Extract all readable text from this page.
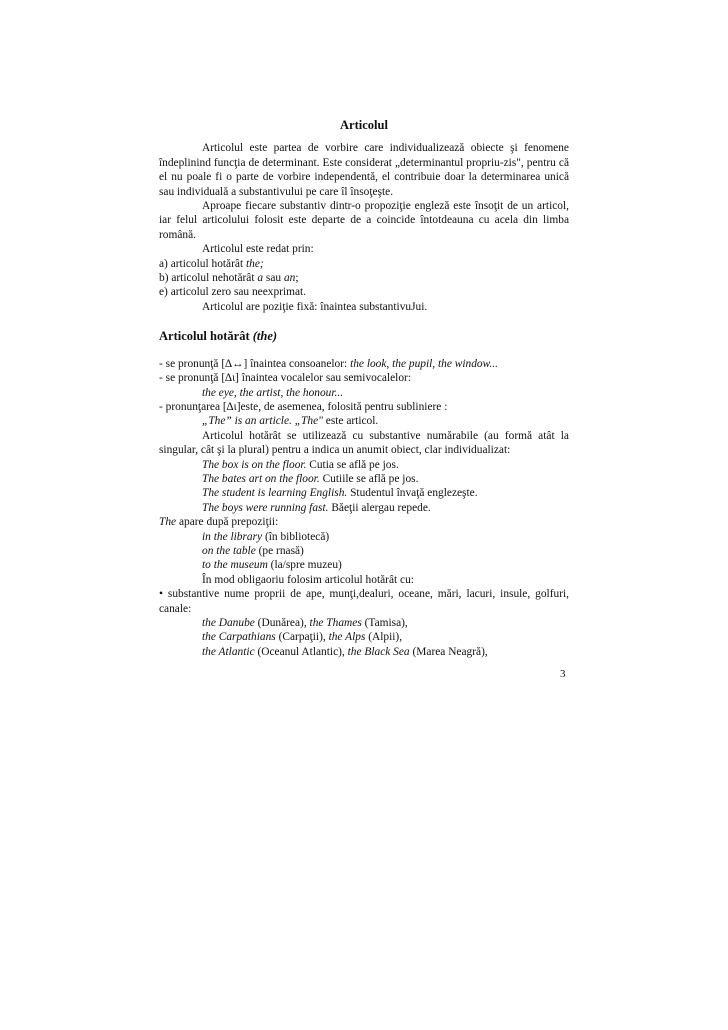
Articolul

Articolul este partea de vorbire care individualizează obiecte şi fenomene îndeplinind funcţia de determinant. Este considerat „determinantul propriu-zis", pentru că el nu poale fi o parte de vorbire independentă, el contribuie doar la determinarea unică sau individuală a substantivului pe care îl însoţeşte.

Aproape fiecare substantiv dintr-o propoziţie engleză este însoţit de un articol, iar felul articolului folosit este departe de a coincide întotdeauna cu acela din limba română.

Articolul este redat prin:

a) articolul hotărât the;

b) articolul nehotărât a sau an;

e) articolul zero sau neexprimat.

Articolul are poziţie fixă: înaintea substantivuJui.

Articolul hotărât (the)

- se pronunţă [∆↔] înaintea consoanelor: the look, the pupil, the window...

- se pronunţă [∆ι] înaintea vocalelor sau semivocalelor:

the eye, the artist, the honour...

- pronunţarea [∆ι]este, de asemenea, folosită pentru subliniere :

„The” is an article. „The" este articol.

Articolul hotărât se utilizează cu substantive numărabile (au formă atât la singular, cât şi la plural) pentru a indica un anumit obiect, clar individualizat:

The box is on the floor. Cutia se află pe jos.

The bates art on the floor. Cutiile se află pe jos.

The student is learning English. Studentul învaţă englezeşte.

The boys were running fast. Băeţii alergau repede.

The apare după prepoziţii:

in the library (în bibliotecă)

on the table (pe rnasă)

to the museum (la/spre muzeu)

În mod obligaoriu folosim articolul hotărât cu:

• substantive nume proprii de ape, munţi,dealuri, oceane, mări, lacuri, insule, golfuri, canale:

the Danube (Dunărea), the Thames (Tamisa),

the Carpathians (Carpaţii), the Alps (Alpii),

the Atlantic (Oceanul Atlantic), the Black Sea (Marea Neagră),

3
